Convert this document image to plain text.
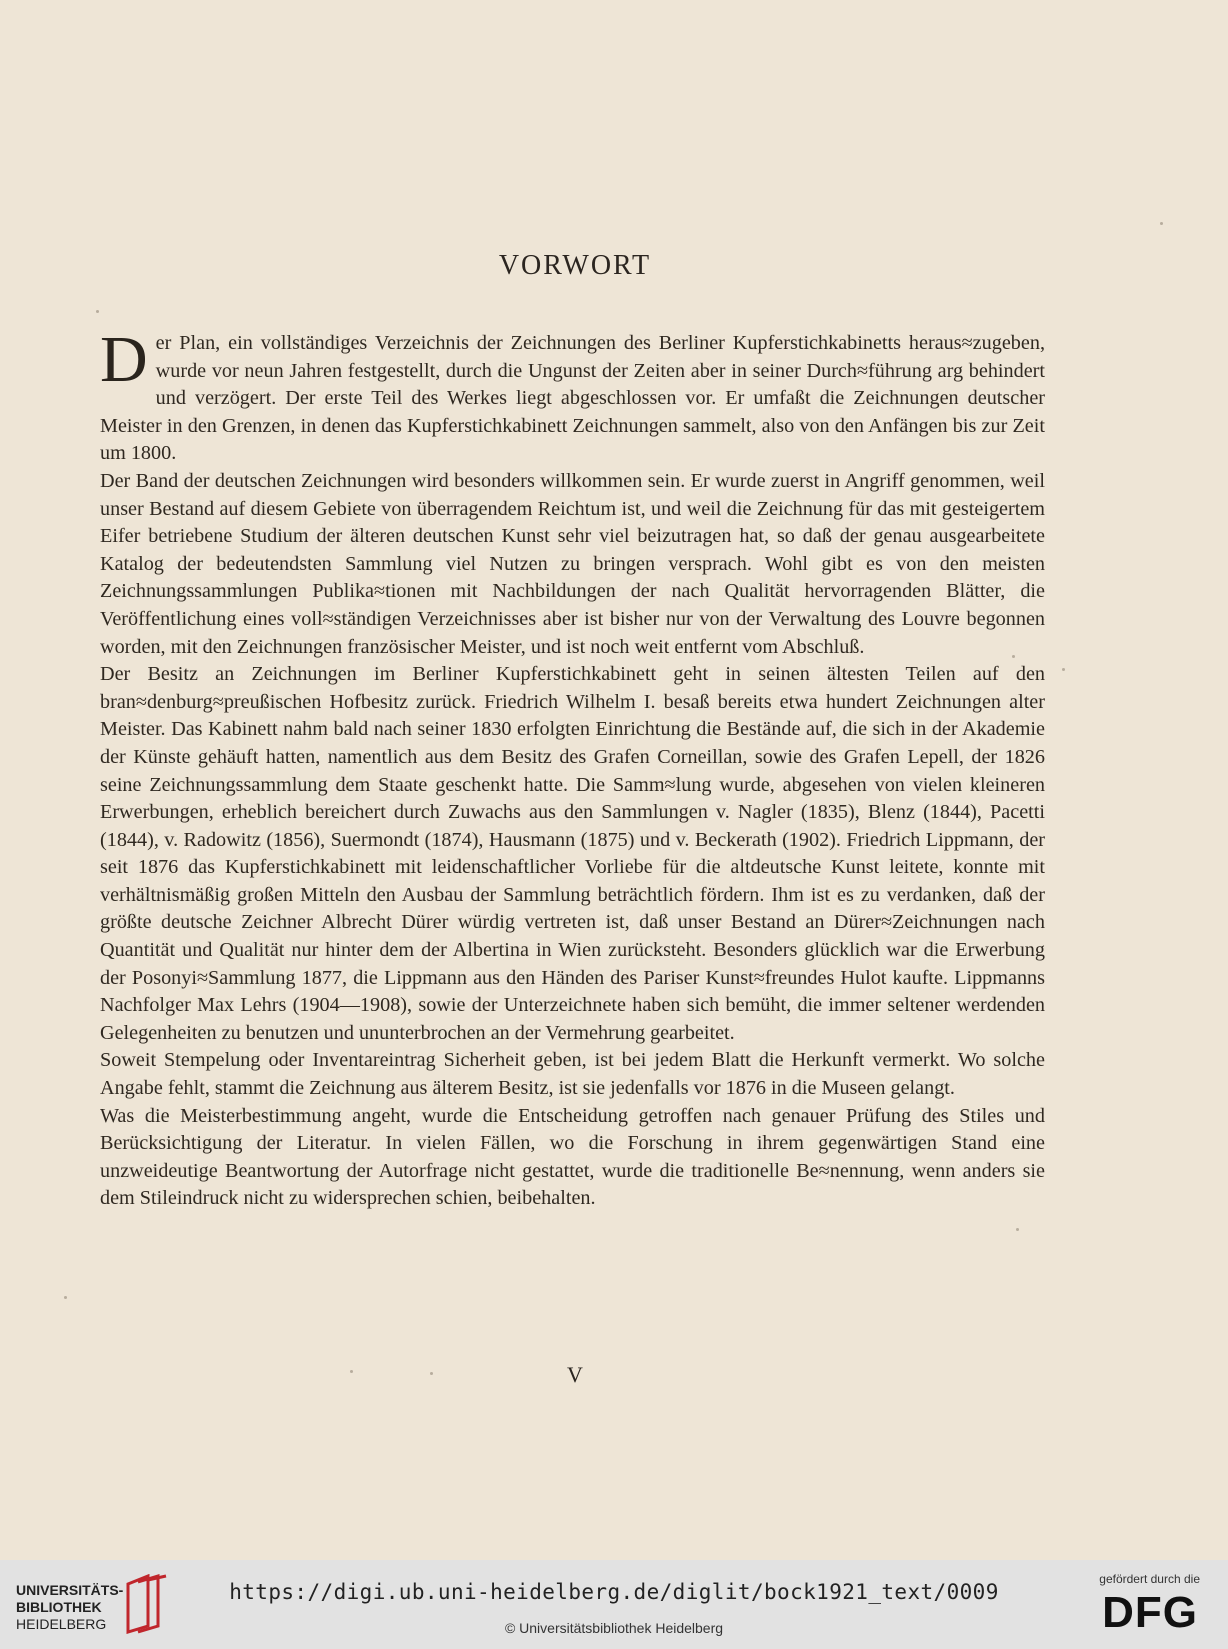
VORWORT

Der Plan, ein vollständiges Verzeichnis der Zeichnungen des Berliner Kupferstichkabinetts heraus≈zugeben, wurde vor neun Jahren festgestellt, durch die Ungunst der Zeiten aber in seiner Durch≈führung arg behindert und verzögert. Der erste Teil des Werkes liegt abgeschlossen vor. Er umfaßt die Zeichnungen deutscher Meister in den Grenzen, in denen das Kupferstichkabinett Zeichnungen sammelt, also von den Anfängen bis zur Zeit um 1800.

Der Band der deutschen Zeichnungen wird besonders willkommen sein. Er wurde zuerst in Angriff genommen, weil unser Bestand auf diesem Gebiete von überragendem Reichtum ist, und weil die Zeichnung für das mit gesteigertem Eifer betriebene Studium der älteren deutschen Kunst sehr viel beizutragen hat, so daß der genau ausgearbeitete Katalog der bedeutendsten Sammlung viel Nutzen zu bringen versprach. Wohl gibt es von den meisten Zeichnungssammlungen Publika≈tionen mit Nachbildungen der nach Qualität hervorragenden Blätter, die Veröffentlichung eines voll≈ständigen Verzeichnisses aber ist bisher nur von der Verwaltung des Louvre begonnen worden, mit den Zeichnungen französischer Meister, und ist noch weit entfernt vom Abschluß.

Der Besitz an Zeichnungen im Berliner Kupferstichkabinett geht in seinen ältesten Teilen auf den bran≈denburg≈preußischen Hofbesitz zurück. Friedrich Wilhelm I. besaß bereits etwa hundert Zeichnungen alter Meister. Das Kabinett nahm bald nach seiner 1830 erfolgten Einrichtung die Bestände auf, die sich in der Akademie der Künste gehäuft hatten, namentlich aus dem Besitz des Grafen Corneillan, sowie des Grafen Lepell, der 1826 seine Zeichnungssammlung dem Staate geschenkt hatte. Die Samm≈lung wurde, abgesehen von vielen kleineren Erwerbungen, erheblich bereichert durch Zuwachs aus den Sammlungen v. Nagler (1835), Blenz (1844), Pacetti (1844), v. Radowitz (1856), Suermondt (1874), Hausmann (1875) und v. Beckerath (1902). Friedrich Lippmann, der seit 1876 das Kupferstichkabinett mit leidenschaftlicher Vorliebe für die altdeutsche Kunst leitete, konnte mit verhältnismäßig großen Mitteln den Ausbau der Sammlung beträchtlich fördern. Ihm ist es zu verdanken, daß der größte deutsche Zeichner Albrecht Dürer würdig vertreten ist, daß unser Bestand an Dürer≈Zeichnungen nach Quantität und Qualität nur hinter dem der Albertina in Wien zurücksteht. Besonders glücklich war die Erwerbung der Posonyi≈Sammlung 1877, die Lippmann aus den Händen des Pariser Kunst≈freundes Hulot kaufte. Lippmanns Nachfolger Max Lehrs (1904—1908), sowie der Unterzeichnete haben sich bemüht, die immer seltener werdenden Gelegenheiten zu benutzen und ununterbrochen an der Vermehrung gearbeitet.

Soweit Stempelung oder Inventareintrag Sicherheit geben, ist bei jedem Blatt die Herkunft vermerkt. Wo solche Angabe fehlt, stammt die Zeichnung aus älterem Besitz, ist sie jedenfalls vor 1876 in die Museen gelangt.

Was die Meisterbestimmung angeht, wurde die Entscheidung getroffen nach genauer Prüfung des Stiles und Berücksichtigung der Literatur. In vielen Fällen, wo die Forschung in ihrem gegenwärtigen Stand eine unzweideutige Beantwortung der Autorfrage nicht gestattet, wurde die traditionelle Be≈nennung, wenn anders sie dem Stileindruck nicht zu widersprechen schien, beibehalten.

V
UNIVERSITÄTS-
BIBLIOTHEK
HEIDELBERG
https://digi.ub.uni-heidelberg.de/diglit/bock1921_text/0009
© Universitätsbibliothek Heidelberg
gefördert durch die
DFG
